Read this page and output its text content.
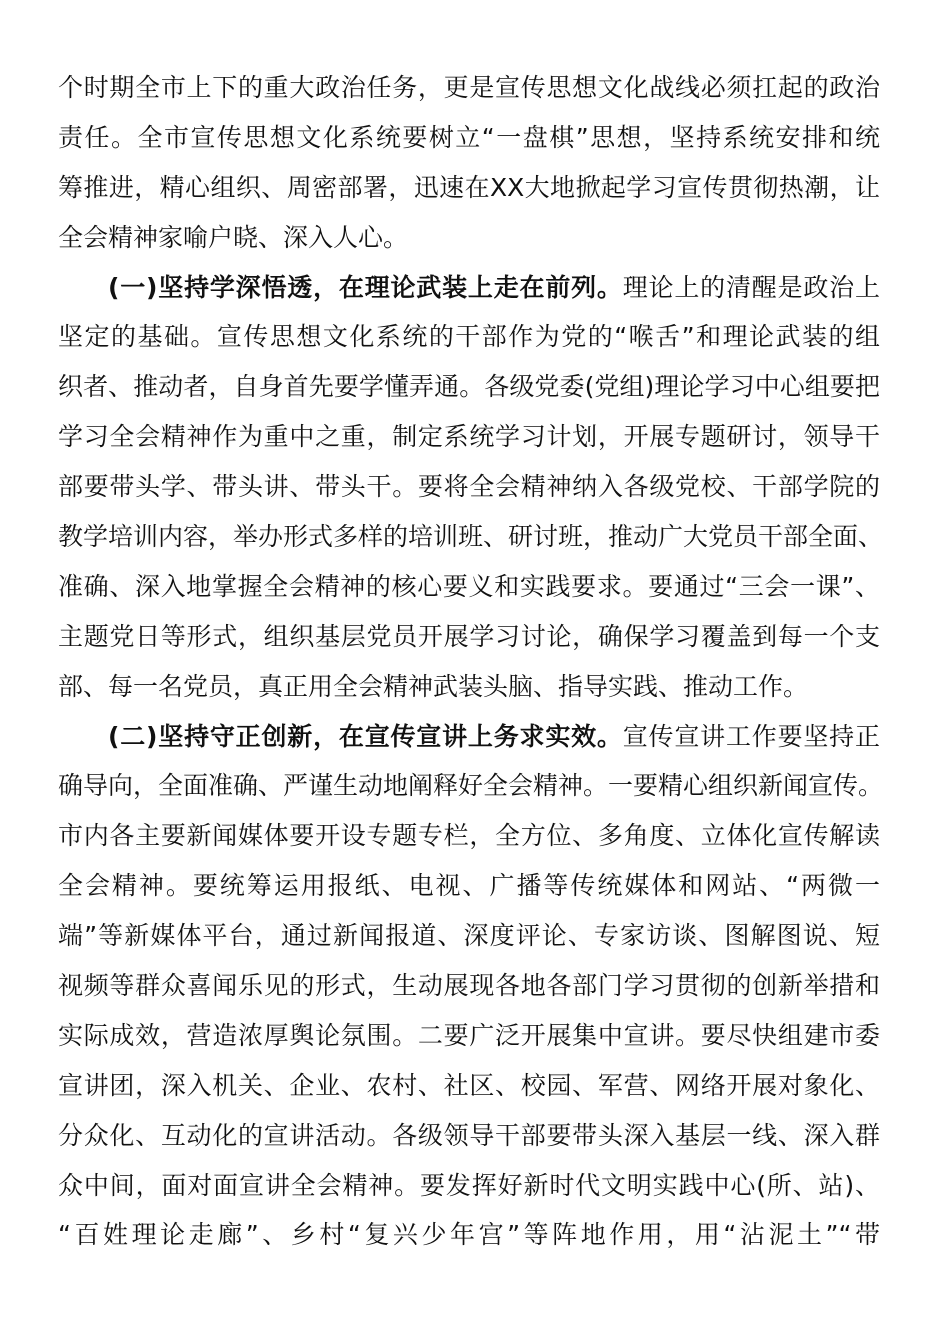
个时期全市上下的重大政治任务，更是宣传思想文化战线必须扛起的政治
责任。全市宣传思想文化系统要树立“一盘棋”思想，坚持系统安排和统
筹推进，精心组织、周密部署，迅速在XX大地掀起学习宣传贯彻热潮，让
全会精神家喻户晓、深入人心。
(一)坚持学深悟透，在理论武装上走在前列。理论上的清醒是政治上
坚定的基础。宣传思想文化系统的干部作为党的“喉舌”和理论武装的组
织者、推动者，自身首先要学懂弄通。各级党委(党组)理论学习中心组要把
学习全会精神作为重中之重，制定系统学习计划，开展专题研讨，领导干
部要带头学、带头讲、带头干。要将全会精神纳入各级党校、干部学院的
教学培训内容，举办形式多样的培训班、研讨班，推动广大党员干部全面、
准确、深入地掌握全会精神的核心要义和实践要求。要通过“三会一课”、
主题党日等形式，组织基层党员开展学习讨论，确保学习覆盖到每一个支
部、每一名党员，真正用全会精神武装头脑、指导实践、推动工作。
(二)坚持守正创新，在宣传宣讲上务求实效。宣传宣讲工作要坚持正
确导向，全面准确、严谨生动地阐释好全会精神。一要精心组织新闻宣传。
市内各主要新闻媒体要开设专题专栏，全方位、多角度、立体化宣传解读
全会精神。要统筹运用报纸、电视、广播等传统媒体和网站、“两微一
端”等新媒体平台，通过新闻报道、深度评论、专家访谈、图解图说、短
视频等群众喜闻乐见的形式，生动展现各地各部门学习贯彻的创新举措和
实际成效，营造浓厚舆论氛围。二要广泛开展集中宣讲。要尽快组建市委
宣讲团，深入机关、企业、农村、社区、校园、军营、网络开展对象化、
分众化、互动化的宣讲活动。各级领导干部要带头深入基层一线、深入群
众中间，面对面宣讲全会精神。要发挥好新时代文明实践中心(所、站)、
“百姓理论走廊”、乡村“复兴少年宫”等阵地作用，用“沾泥土”“带
